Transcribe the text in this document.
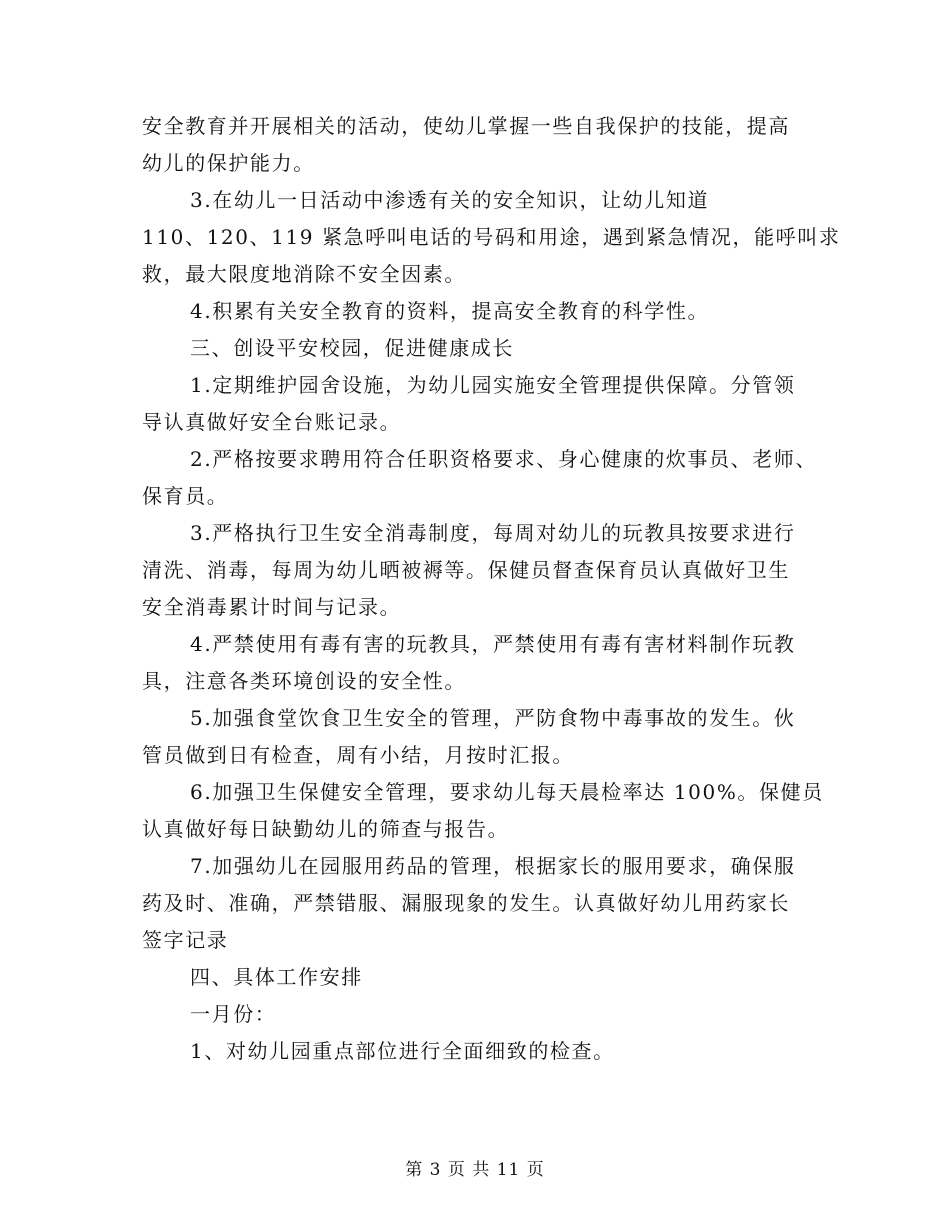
安全教育并开展相关的活动，使幼儿掌握一些自我保护的技能，提高
幼儿的保护能力。
3.在幼儿一日活动中渗透有关的安全知识，让幼儿知道
110、120、119 紧急呼叫电话的号码和用途，遇到紧急情况，能呼叫求
救，最大限度地消除不安全因素。
4.积累有关安全教育的资料，提高安全教育的科学性。
三、创设平安校园，促进健康成长
1.定期维护园舍设施，为幼儿园实施安全管理提供保障。分管领
导认真做好安全台账记录。
2.严格按要求聘用符合任职资格要求、身心健康的炊事员、老师、
保育员。
3.严格执行卫生安全消毒制度，每周对幼儿的玩教具按要求进行
清洗、消毒，每周为幼儿晒被褥等。保健员督查保育员认真做好卫生
安全消毒累计时间与记录。
4.严禁使用有毒有害的玩教具，严禁使用有毒有害材料制作玩教
具，注意各类环境创设的安全性。
5.加强食堂饮食卫生安全的管理，严防食物中毒事故的发生。伙
管员做到日有检查，周有小结，月按时汇报。
6.加强卫生保健安全管理，要求幼儿每天晨检率达 100%。保健员
认真做好每日缺勤幼儿的筛查与报告。
7.加强幼儿在园服用药品的管理，根据家长的服用要求，确保服
药及时、准确，严禁错服、漏服现象的发生。认真做好幼儿用药家长
签字记录
四、具体工作安排
一月份：
1、对幼儿园重点部位进行全面细致的检查。
第 3 页 共 11 页
